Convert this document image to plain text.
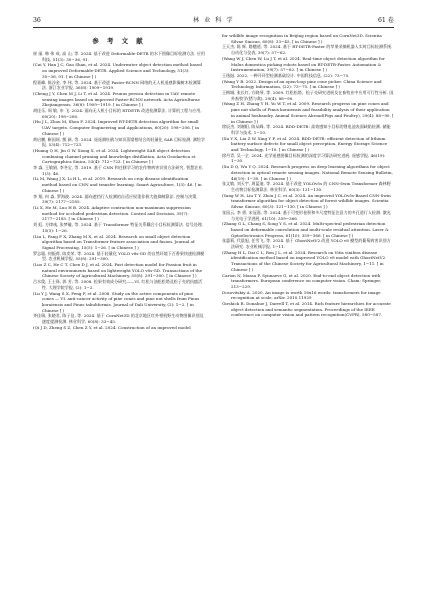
36	林 业 科 学	61 卷
参 考 文 献

崔 丽, 韩 伟 成, 高 山, 等. 2024. 基于改进 Deformable-DETR 的水下图像目标检测方法. 应用科技, 51(3): 30−36, 91.

(Cui Y, Han J C, Gao Shan, et al. 2024. Underwater object detection method based on improved Deformable-DETR. Applied Science and Technology, 51(3): 30−36, 91. [ in Chinese ] )

程嘉峰, 陈沙金, 李 伟, 等. 2024. 基于改进 Faster-RCNN 网络的无人机遥感影像树木检测算法. 浙江农业学报, 36(8): 1909−1919.

(Cheng J Y, Chen M J, Li T, et al. 2024. Prunus persica detection in UAV remote sensing images based on improved Faster-RCNN network. Acta Agriculturae Zhejiangensis, 36(8): 1909−1919. [ in Chinese ] )

胡佳乐, 周 敏, 申 飞. 2024. 面向无人机小目标的 RTDETR 改进检测算法. 计算机工程与应用, 60(20): 198−206.

(Hu J L, Zhou M, Shen F. 2024. Improved RT-DETR detection algorithm for small UAV targets. Computer Engineering and Applications, 60(20): 198−206. [ in Chinese ] )

黄启鹏, 靳国瑶, 熊 新, 等. 2024. 遥遥测杜鹃与知识蒸馏相结合的轻量化 SAR 目标检测. 测绘学报, 53(4): 712−723.

(Huang Q H, Jin G W, Xiong X, et al. 2024. Lightweight SAR object detection combining channel pruning and knowledge distillation. Acta Geodaetica et Cartographica Sinica, 53(4): 712−723. [ in Chinese ] )

李 淼, 王敏娟, 李冬宝, 等. 2019. 基于 CNN 和迁移学习的农作物病害识别方法研究. 智慧农业, 1(3): 46.

(Li M, Wang J X, Li H L, et al. 2019. Research on crop disease identification method based on CNN and transfer learning. Smart Agriculture, 1(3): 46. [ in Chinese ] )

李 翔, 何 淼, 罗海波. 2024. 面向遮挡行人检测的自适应权重非极大值抑制算法. 控制与决策, 39(7): 2177−2185.

(Li X, He M, Luo H B. 2024. Adaptive contraction non-maximum suppression method for occluded pedestrian detection. Control and Decision, 39(7): 2177−2185. [ in Chinese ] )

刘 虹, 方律彧, 张梦璇, 等. 2024. 基于 Transformer 特征关系耦合小目标检测算法. 信号处理, 15(5): 1−26.

(Liu L, Fang F X, Zhang M X, et al. 2024. Research on small object detection algorithm based on Transformer feature association and fusion. Journal of Signal Processing, 15(5): 1−26. [ in Chinese ] )

罗志聪, 何振荷, 陈奕荣, 等. 2024. 基于轻量化 YOLO v8s-GD 的自然环境下百香果快速检测模型. 农业机械学报, 55(8): 291−300.

(Luo Z C, He C T, Chen D J, et al. 2024. Fast detection model for Passion fruit in natural environments based on lightweight YOLO v8s-GD. Transactions of the Chinese Society of Agricultural Machinery, 55(8): 291−300. [ in Chinese ] )

吕水俊, 王士驿, 郭 芳, 等. 2008. 松果有效成分研究——VI. 红松与油松松塔及松子壳的抗癌活性. 大理学院学报, (2): 1−2.

(Lu Y J, Wang S X, Peng F, et al. 2008. Study on the active components of pine cones — VI. anti-cancer activity of pine cones and pine nut shells from Pinus koraiensis and Pinus tabuliformis. Journal of Dali University, (2): 1−2. [ in Chinese ] )

齐佳瑞, 张晓君, 陈子仪, 等. 2024. 基于 CornNet3D 的北京地区红外相机野生动物图像识别及速度提测检测. 林业科学, 60(8): 33−45.

(Qi J D, Zheng S Z, Chen Z Y, et al. 2024. Construction of an improved model

for wildlife image recognition in Beijing region based on CornNet3D. Scientia Silvae Sinicae, 60(8): 33−45. [ in Chinese ] )

王天杰, 陈 辉, 路穗道, 等. 2024. 基于 RT-DETR-Faster 的苹果采摘机器人实时目标检测系统. 自动化与仪表, 39(7): 57−62.

(Wang W J, Chen W, Lu J T, et al. 2024. Real-time object detection algorithm for Malus domestica picking robots based on RT-DETR-Faster. Automation & Instrumentation, 39(7): 57−62. [ in Chinese ] )

王逸挺. 2022. 一种开环型检测基础设计. 中国科技信息, (22): 73−75.

(Wang Y B. 2022. Design of an open-loop pine cone picker. China Science and Technology Information, (22): 73−75. [ in Chinese ] )

王梅城, 张长红, 方晓琴, 等. 2009. 红松松塔、松子壳研究进展及在畜牧业中应用可行性分析. 国外畜牧学(猪与禽), 29(4): 88−90.

(Wang Z H, Zhang Y H, Yu W T, et al. 2009. Research progress on pine cones and pine nut shells of Pinus koraiensis and feasibility analysis of their application in animal husbandry. Animal Science Abroad(Pigs and Poultry), 29(4): 88−90. [ in Chinese ] )

徐辰杰, 刘谢阳, 陈从峰, 等. 2024. BDD-DETR: 高效感知小目标的锂电池表面缺陷检测. 储能科学与技术, 1−10.

(Xu Y X, Liu Z W, Xing Y F, et al. 2024. BDD-DETR: efficient detection of lithium battery surface defects for small object perception. Energy Storage Science and Technology, 1−10. [ in Chinese ] )

徐丹青, 吴一全. 2024. 光学遥感图像目标检测的深度学习算法研究进展. 遥感学报, 46(19): 1−30.

(Xu D Q, Wu Y Q. 2024. Research progress on deep learning algorithms for object detection in optical remote sensing images. National Remote Sensing Bulletin, 46(19): 1−30. [ in Chinese ] )

张文敏, 刘天宇, 周蓝迪, 等. 2024. 基于改进 YOLOv5s 的 CNN-Swin Transformer 森林野生动物目标检测算法. 林业科学, 60(3): 121−130.

(Yang W H, Liu T Y, Zhou J C, et al. 2024. An improved YOLOv5s-Based CNN-Swin transformer algorithm for object detection of forest wildlife images. Scientia Silvae Sinicae, 60(3): 121−130. [ in Chinese ] )

张国云, 李 勇, 宋冠嘉, 等. 2024. 基于可变形卷积和多尺度特征注意力的多孔道行人检测. 激光与光电子学进展, 61(10): 359−366.

(Zhang G L, Chang S, Song Y S, et al. 2024. Multi-spectral pedestrian detection based on deformable convolution and multi-scale residual attention. Laser & Optoelectronics Progress, 61(10): 359−366. [ in Chinese ] )

张惠莉, 代晨旭, 任雪飞, 等. 2024. 基于 GhostNetV2 改进 YOLO v8 模型的葡萄病害识别方法研究. 农业机械学报, 1−11.

(Zhang H L, Dai C L, Ren J L, et al. 2024. Research on Vitis vinifera disease identification method based on improved YOLO v8 model with GhostNetV2. Transactions of the Chinese Society for Agricultural Machinery, 1−11. [ in Chinese ] )

Carion N, Massa F, Synnaeve G, et al. 2020. End-to-end object detection with transformers. European conference on computer vision. Cham: Springer, 213−229.

Dosovitskiy A. 2020. An image is worth 16x16 words: transformers for image recognition at scale. arXiv. 2010.11929

Girshick R, Donahue J, Darrell T, et al. 2014. Rich feature hierarchies for accurate object detection and semantic segmentation. Proceedings of the IEEE conference on computer vision and pattern recognition(CVPR), 580−587.
